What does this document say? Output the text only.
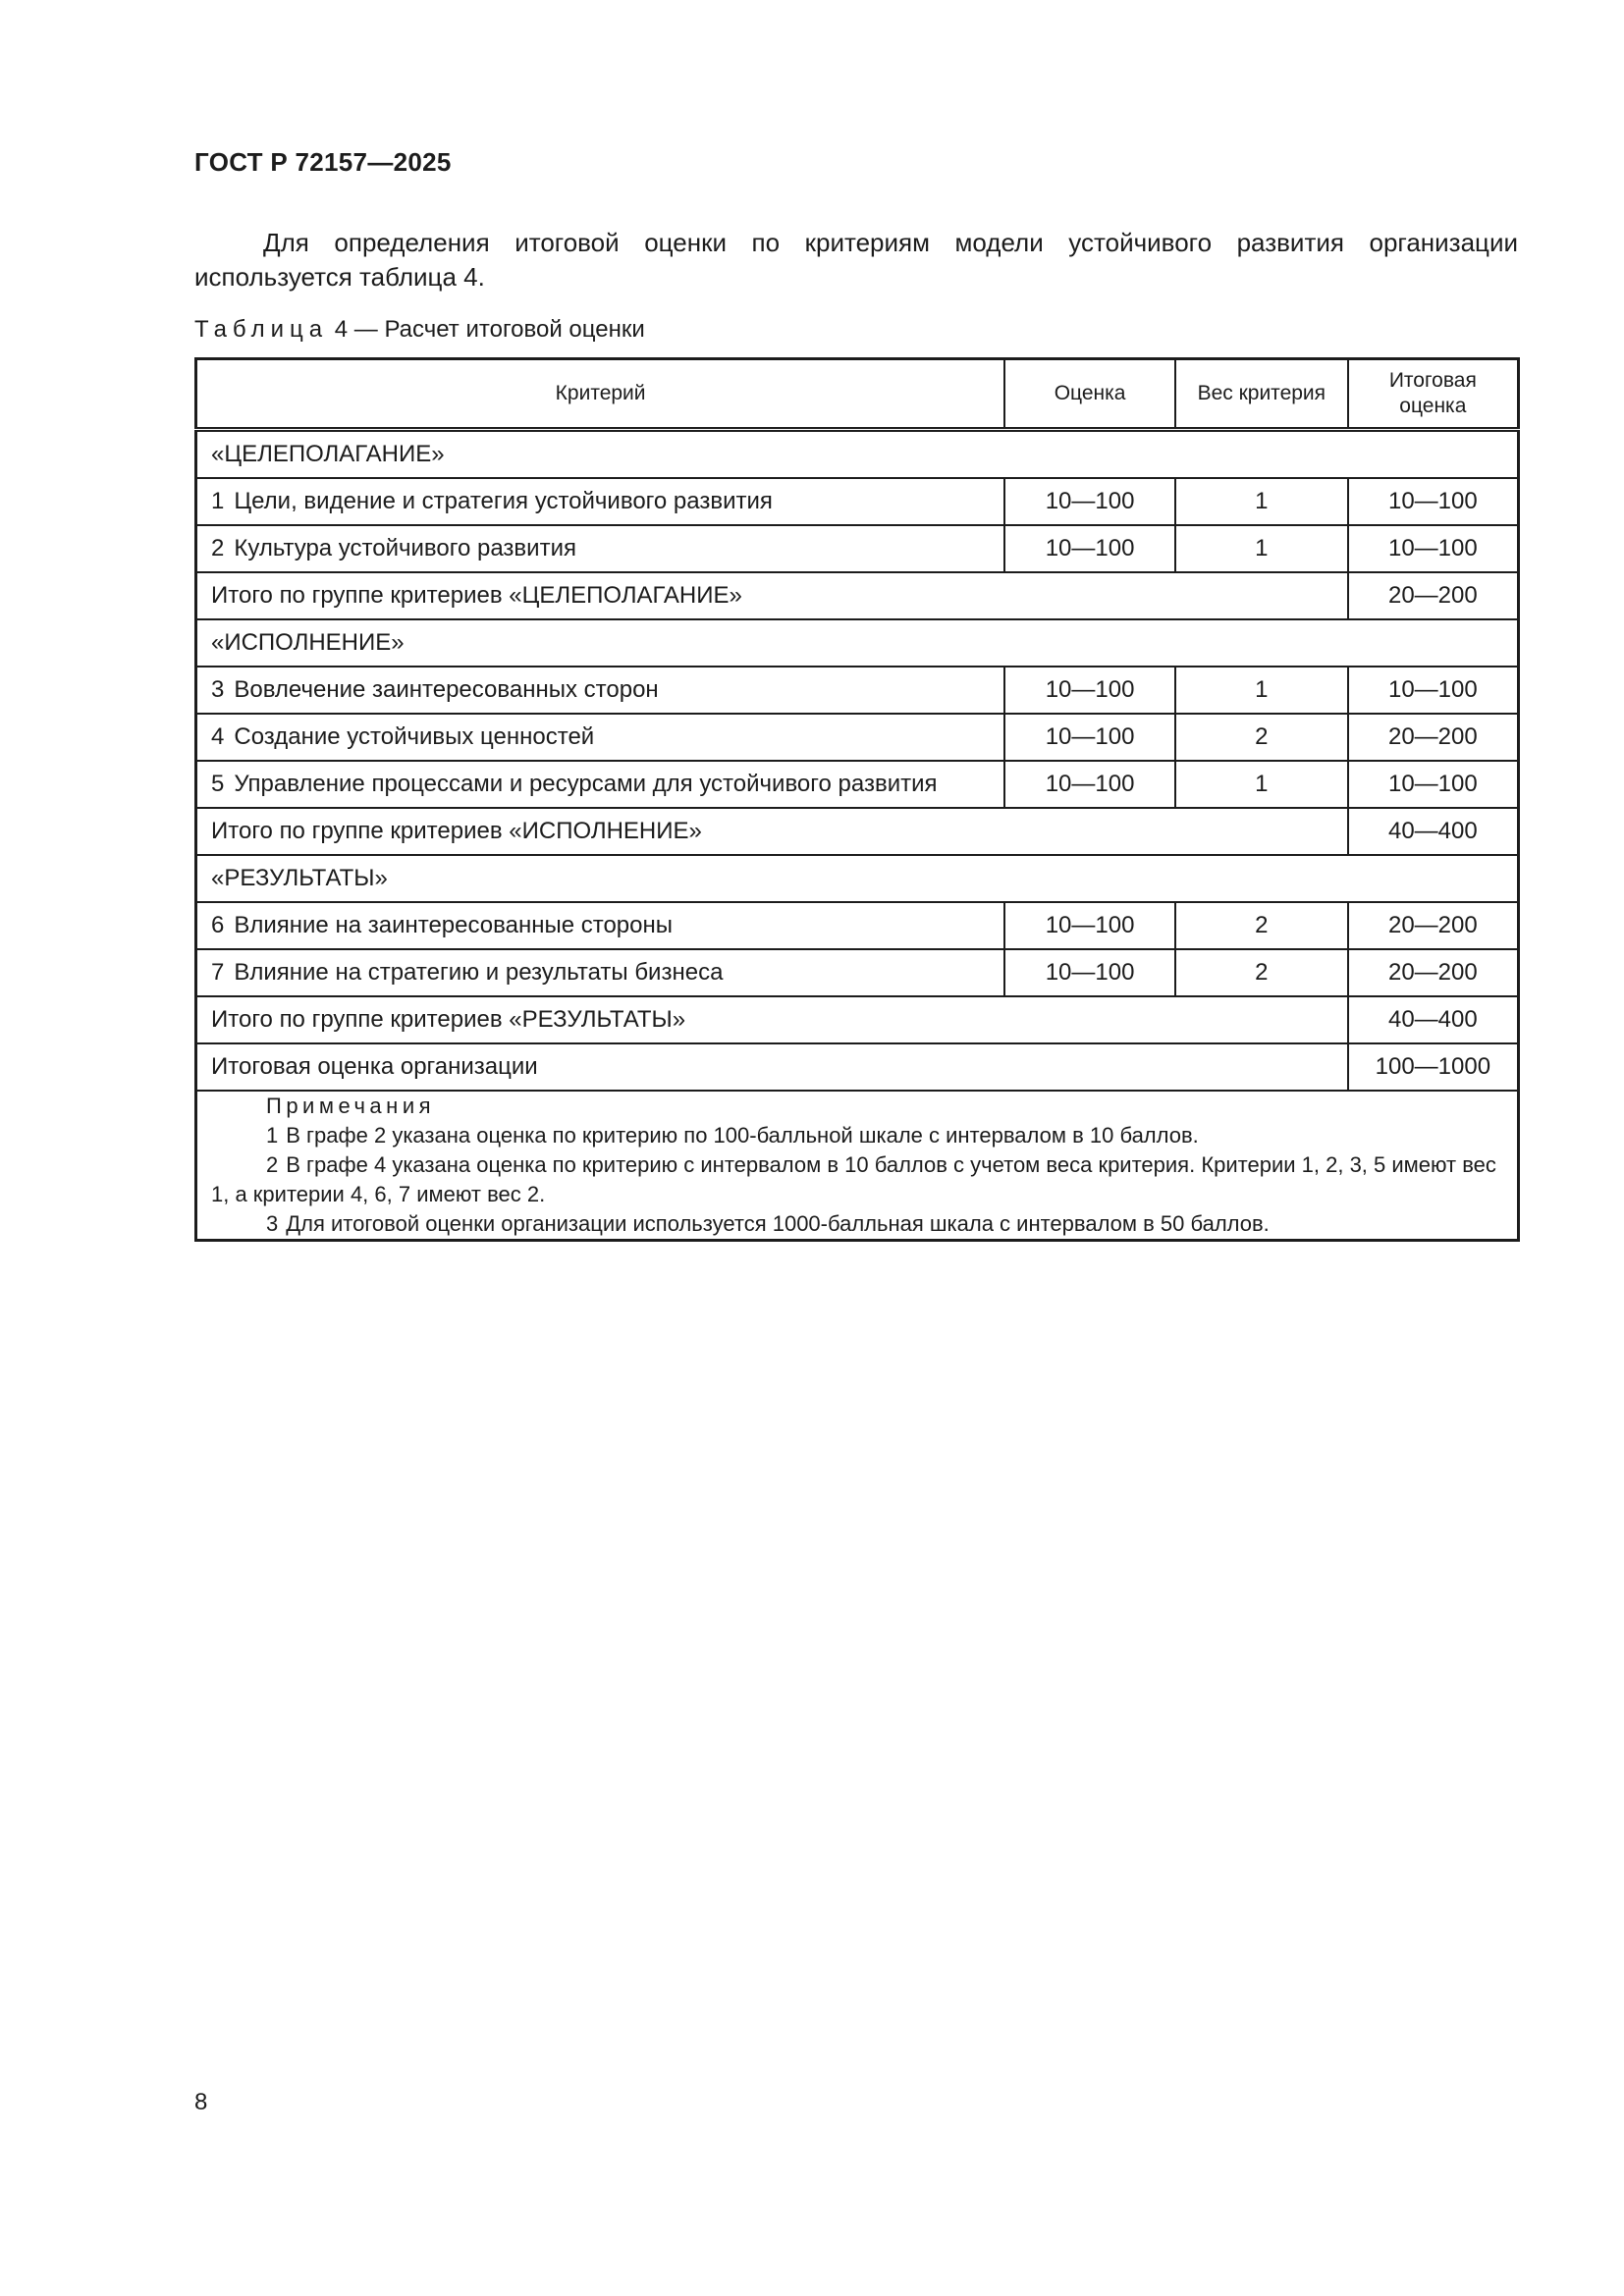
ГОСТ Р 72157—2025

Для определения итоговой оценки по критериям модели устойчивого развития организации используется таблица 4.

Таблица 4 — Расчет итоговой оценки

Критерий	Оценка	Вес критерия	Итоговая оценка
«ЦЕЛЕПОЛАГАНИЕ»			
1 Цели, видение и стратегия устойчивого развития	10—100	1	10—100
2 Культура устойчивого развития	10—100	1	10—100
Итого по группе критериев «ЦЕЛЕПОЛАГАНИЕ»			20—200
«ИСПОЛНЕНИЕ»			
3 Вовлечение заинтересованных сторон	10—100	1	10—100
4 Создание устойчивых ценностей	10—100	2	20—200
5 Управление процессами и ресурсами для устойчивого развития	10—100	1	10—100
Итого по группе критериев «ИСПОЛНЕНИЕ»			40—400
«РЕЗУЛЬТАТЫ»			
6 Влияние на заинтересованные стороны	10—100	2	20—200
7 Влияние на стратегию и результаты бизнеса	10—100	2	20—200
Итого по группе критериев «РЕЗУЛЬТАТЫ»			40—400
Итоговая оценка организации			100—1000

Примечания

1 В графе 2 указана оценка по критерию по 100-балльной шкале с интервалом в 10 баллов.

2 В графе 4 указана оценка по критерию с интервалом в 10 баллов с учетом веса критерия. Критерии 1, 2, 3, 5 имеют вес 1, а критерии 4, 6, 7 имеют вес 2.

3 Для итоговой оценки организации используется 1000-балльная шкала с интервалом в 50 баллов.			

8
